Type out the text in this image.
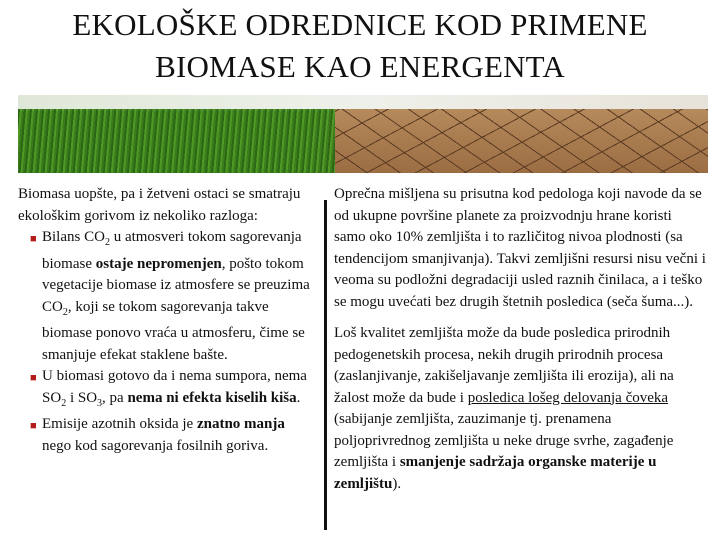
EKOLOŠKE ODREDNICE KOD PRIMENE
BIOMASE KAO ENERGENTA
Biomasa uopšte, pa i žetveni ostaci se smatraju ekološkim gorivom iz nekoliko razloga:
■ Bilans $CO_2$ u atmosveri tokom sagorevanja biomase ostaje nepromenjen, pošto tokom vegetacije biomase iz atmosfere se preuzima $CO_2$, koji se tokom sagorevanja takve biomase ponovo vraća u atmosferu, čime se smanjuje efekat staklene bašte.
■ U biomasi gotovo da i nema sumpora, nema $SO_2$ i $SO_3$, pa nema ni efekta kiselih kiša.
■ Emisije azotnih oksida je znatno manja nego kod sagorevanja fosilnih goriva.
Oprečna mišljena su prisutna kod pedologa koji navode da se od ukupne površine planete za proizvodnju hrane koristi samo oko 10% zemljišta i to različitog nivoa plodnosti (sa tendencijom smanjivanja). Takvi zemljišni resursi nisu večni i veoma su podložni degradaciji usled raznih činilaca, a i teško se mogu uvećati bez drugih štetnih posledica (seča šuma...).
Loš kvalitet zemljišta može da bude posledica prirodnih pedogenetskih procesa, nekih drugih prirodnih procesa (zaslanjivanje, zakišeljavanje zemljišta ili erozija), ali na žalost može da bude i posledica lošeg delovanja čoveka (sabijanje zemljišta, zauzimanje tj. prenamena poljoprivrednog zemljišta u neke druge svrhe, zagađenje zemljišta i smanjenje sadržaja organske materije u zemljištu).
